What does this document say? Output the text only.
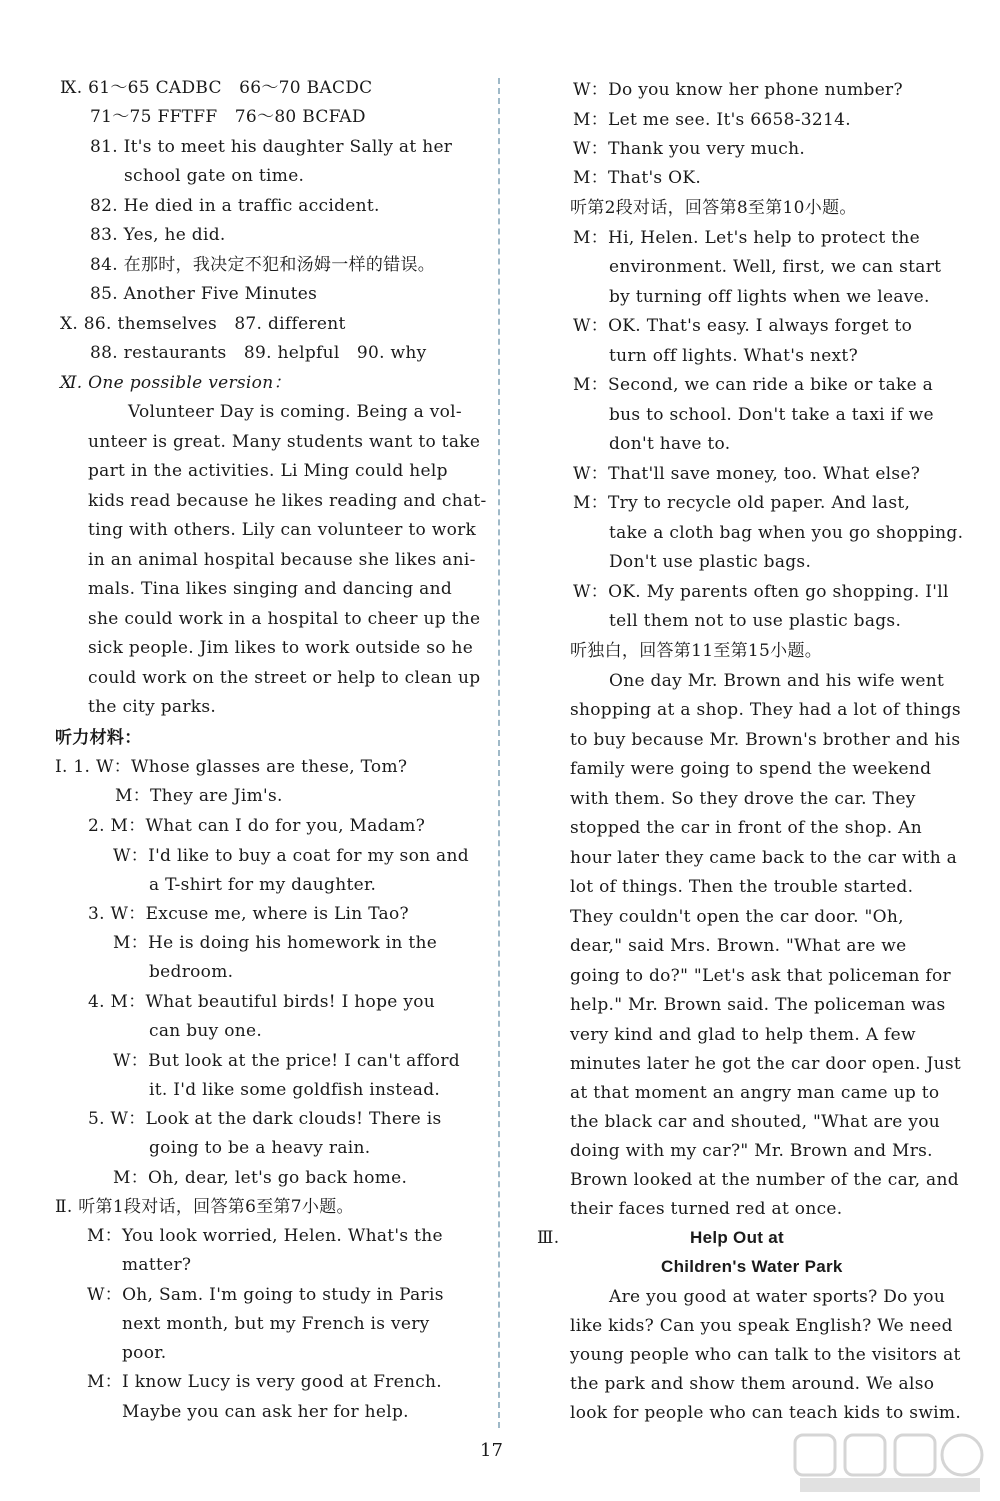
Ⅸ. 61～65 CADBC　66～70 BACDC
71～75 FFTFF　76～80 BCFAD
81. It's to meet his daughter Sally at her
school gate on time.
82. He died in a traffic accident.
83. Yes, he did.
84. 在那时，我决定不犯和汤姆一样的错误。
85. Another Five Minutes
Ⅹ. 86. themselves　87. different
88. restaurants　89. helpful　90. why
Ⅺ. One possible version：
Volunteer Day is coming. Being a vol-
unteer is great. Many students want to take
part in the activities. Li Ming could help
kids read because he likes reading and chat-
ting with others. Lily can volunteer to work
in an animal hospital because she likes ani-
mals. Tina likes singing and dancing and
she could work in a hospital to cheer up the
sick people. Jim likes to work outside so he
could work on the street or help to clean up
the city parks.
听力材料：
Ⅰ. 1. W：Whose glasses are these, Tom?
M：They are Jim's.
2. M：What can I do for you, Madam?
W：I'd like to buy a coat for my son and
a T-shirt for my daughter.
3. W：Excuse me, where is Lin Tao?
M：He is doing his homework in the
bedroom.
4. M：What beautiful birds! I hope you
can buy one.
W：But look at the price! I can't afford
it. I'd like some goldfish instead.
5. W：Look at the dark clouds! There is
going to be a heavy rain.
M：Oh, dear, let's go back home.
Ⅱ. 听第1段对话，回答第6至第7小题。
M：You look worried, Helen. What's the
matter?
W：Oh, Sam. I'm going to study in Paris
next month, but my French is very
poor.
M：I know Lucy is very good at French.
Maybe you can ask her for help.
W：Do you know her phone number?
M：Let me see. It's 6658-3214.
W：Thank you very much.
M：That's OK.
听第2段对话，回答第8至第10小题。
M：Hi, Helen. Let's help to protect the
environment. Well, first, we can start
by turning off lights when we leave.
W：OK. That's easy. I always forget to
turn off lights. What's next?
M：Second, we can ride a bike or take a
bus to school. Don't take a taxi if we
don't have to.
W：That'll save money, too. What else?
M：Try to recycle old paper. And last,
take a cloth bag when you go shopping.
Don't use plastic bags.
W：OK. My parents often go shopping. I'll
tell them not to use plastic bags.
听独白，回答第11至第15小题。
One day Mr. Brown and his wife went
shopping at a shop. They had a lot of things
to buy because Mr. Brown's brother and his
family were going to spend the weekend
with them. So they drove the car. They
stopped the car in front of the shop. An
hour later they came back to the car with a
lot of things. Then the trouble started.
They couldn't open the car door. "Oh,
dear," said Mrs. Brown. "What are we
going to do?" "Let's ask that policeman for
help." Mr. Brown said. The policeman was
very kind and glad to help them. A few
minutes later he got the car door open. Just
at that moment an angry man came up to
the black car and shouted, "What are you
doing with my car?" Mr. Brown and Mrs.
Brown looked at the number of the car, and
their faces turned red at once.
Ⅲ.	Help Out at
Children's Water Park
Are you good at water sports? Do you
like kids? Can you speak English? We need
young people who can talk to the visitors at
the park and show them around. We also
look for people who can teach kids to swim.
17
